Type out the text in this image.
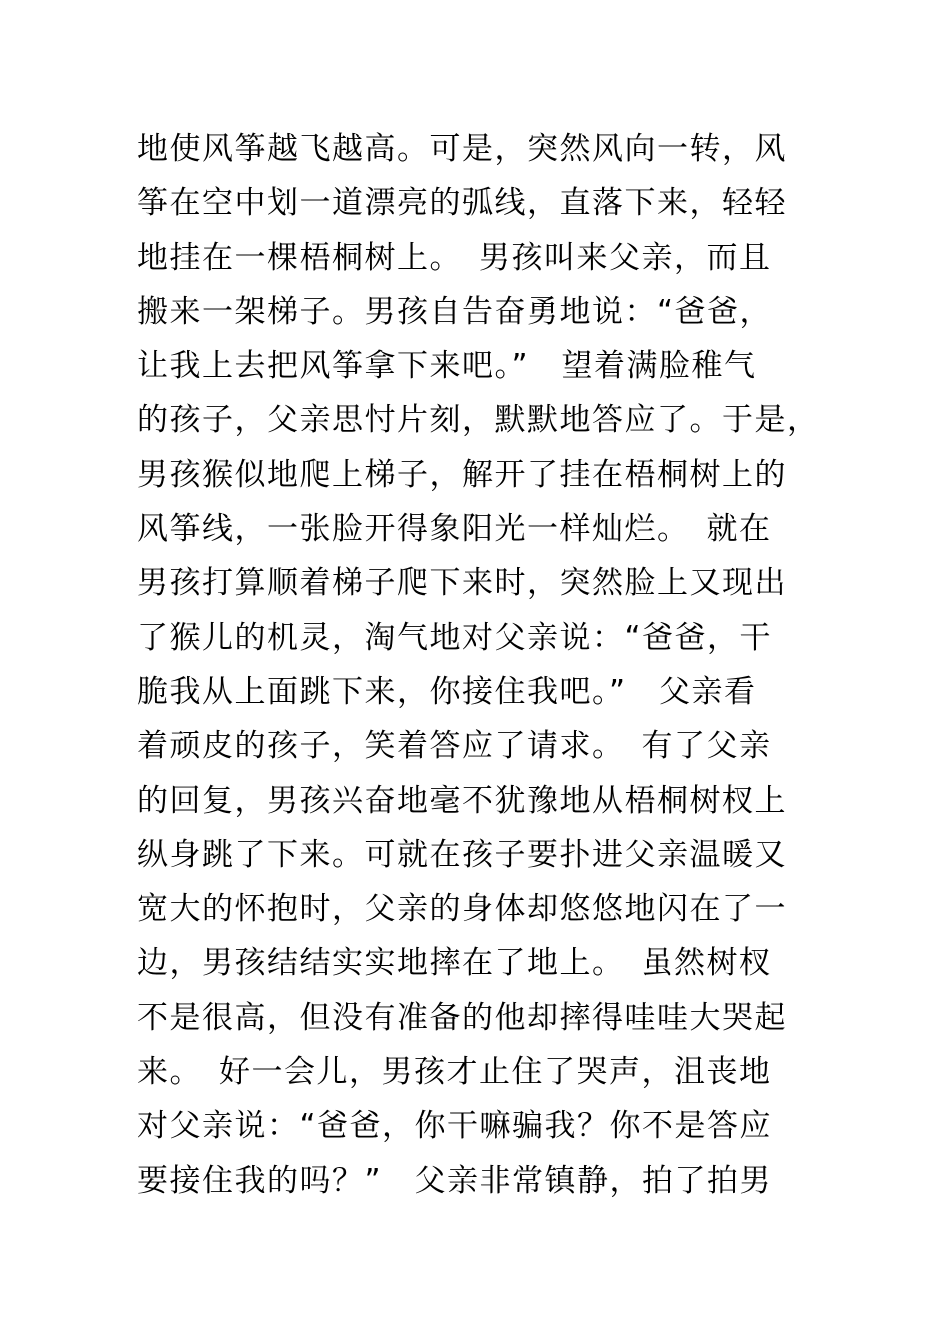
地使风筝越飞越高。可是，突然风向一转，风
筝在空中划一道漂亮的弧线，直落下来，轻轻
地挂在一棵梧桐树上。　男孩叫来父亲，而且
搬来一架梯子。男孩自告奋勇地说：“爸爸，
让我上去把风筝拿下来吧。”　望着满脸稚气
的孩子，父亲思忖片刻，默默地答应了。于是，
男孩猴似地爬上梯子，解开了挂在梧桐树上的
风筝线，一张脸开得象阳光一样灿烂。　就在
男孩打算顺着梯子爬下来时，突然脸上又现出
了猴儿的机灵，淘气地对父亲说：“爸爸，干
脆我从上面跳下来，你接住我吧。”　父亲看
着顽皮的孩子，笑着答应了请求。　有了父亲
的回复，男孩兴奋地毫不犹豫地从梧桐树杈上
纵身跳了下来。可就在孩子要扑进父亲温暖又
宽大的怀抱时，父亲的身体却悠悠地闪在了一
边，男孩结结实实地摔在了地上。　虽然树杈
不是很高，但没有准备的他却摔得哇哇大哭起
来。　好一会儿，男孩才止住了哭声，沮丧地
对父亲说：“爸爸，你干嘛骗我？你不是答应
要接住我的吗？”　父亲非常镇静，拍了拍男
